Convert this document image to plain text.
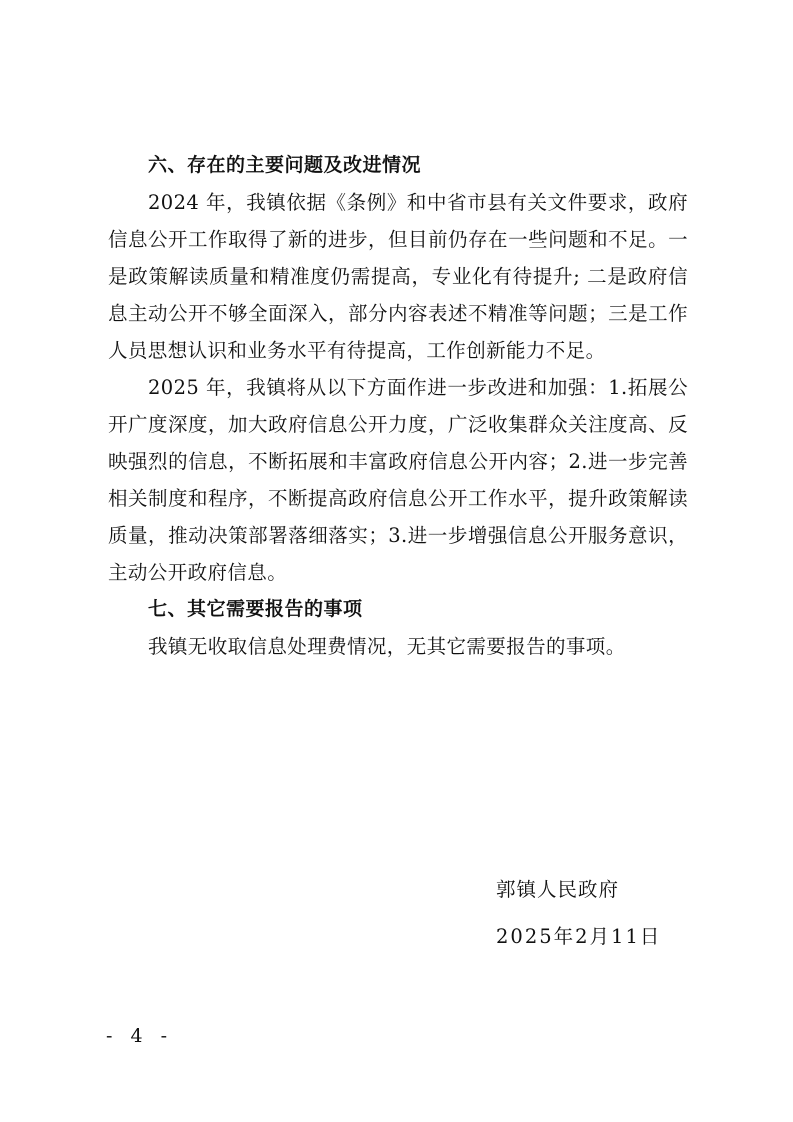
六、存在的主要问题及改进情况

2024 年，我镇依据《条例》和中省市县有关文件要求，政府信息公开工作取得了新的进步，但目前仍存在一些问题和不足。一是政策解读质量和精准度仍需提高，专业化有待提升; 二是政府信息主动公开不够全面深入，部分内容表述不精准等问题；三是工作人员思想认识和业务水平有待提高，工作创新能力不足。

2025 年，我镇将从以下方面作进一步改进和加强：1.拓展公开广度深度，加大政府信息公开力度，广泛收集群众关注度高、反映强烈的信息，不断拓展和丰富政府信息公开内容；2.进一步完善相关制度和程序，不断提高政府信息公开工作水平，提升政策解读质量，推动决策部署落细落实；3.进一步增强信息公开服务意识，主动公开政府信息。

七、其它需要报告的事项

我镇无收取信息处理费情况，无其它需要报告的事项。

郭镇人民政府
2025年2月11日
- 4 -
